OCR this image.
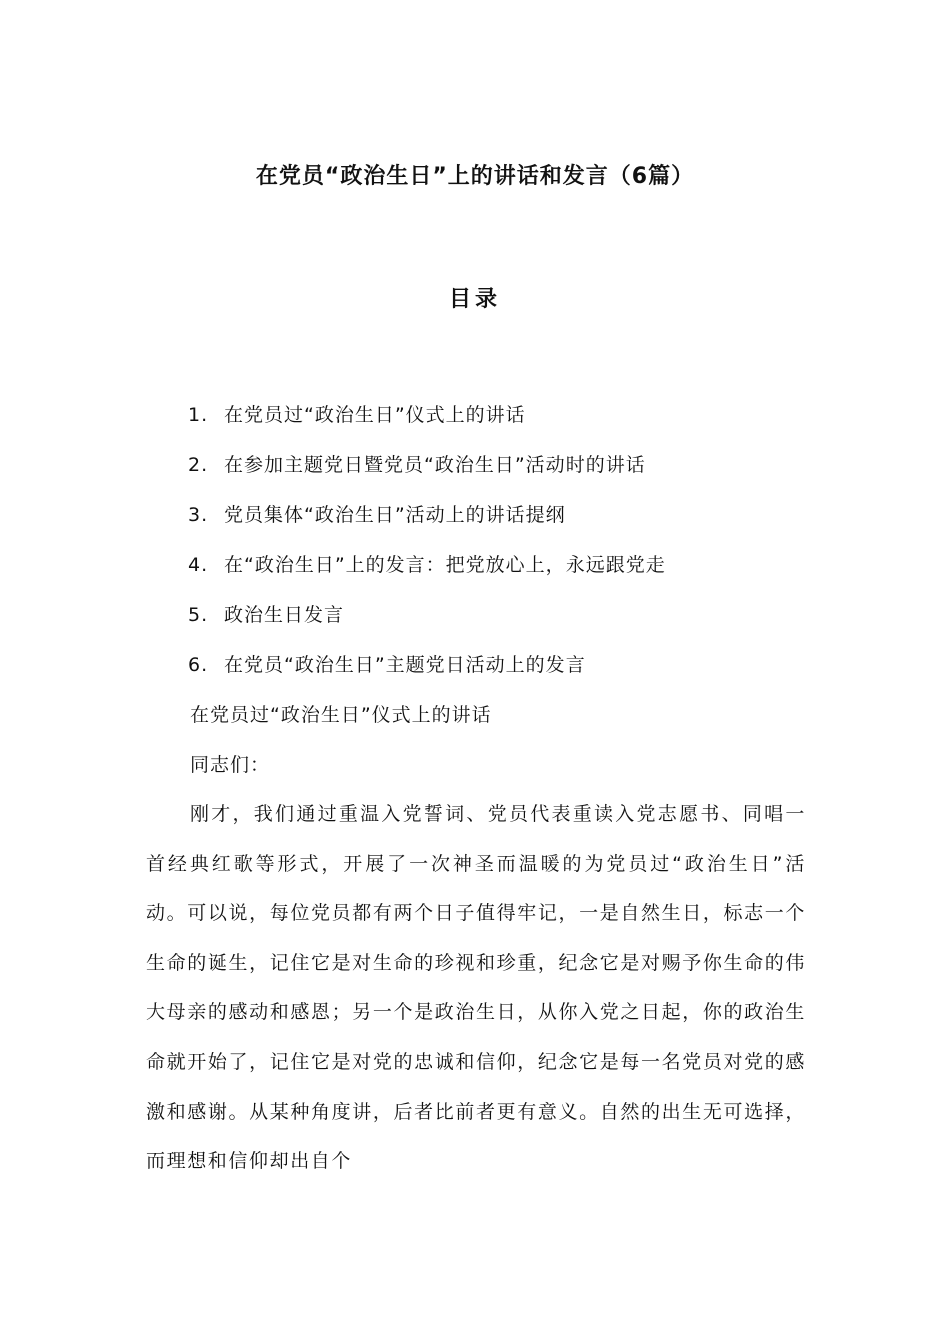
在党员“政治生日”上的讲话和发言（6篇）
目录
1. 在党员过“政治生日”仪式上的讲话
2. 在参加主题党日暨党员“政治生日”活动时的讲话
3. 党员集体“政治生日”活动上的讲话提纲
4. 在“政治生日”上的发言：把党放心上，永远跟党走
5. 政治生日发言
6. 在党员“政治生日”主题党日活动上的发言
在党员过“政治生日”仪式上的讲话
同志们：

刚才，我们通过重温入党誓词、党员代表重读入党志愿书、同唱一首经典红歌等形式，开展了一次神圣而温暖的为党员过“政治生日”活动。可以说，每位党员都有两个日子值得牢记，一是自然生日，标志一个生命的诞生，记住它是对生命的珍视和珍重，纪念它是对赐予你生命的伟大母亲的感动和感恩；另一个是政治生日，从你入党之日起，你的政治生命就开始了，记住它是对党的忠诚和信仰，纪念它是每一名党员对党的感激和感谢。从某种角度讲，后者比前者更有意义。自然的出生无可选择，而理想和信仰却出自个
